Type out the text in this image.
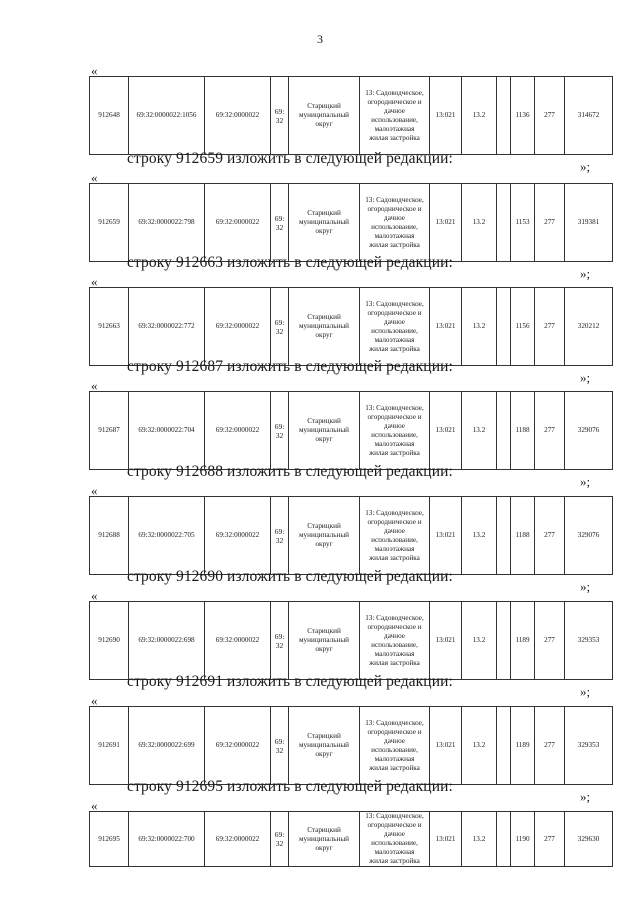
3
«
912648	69:32:0000022:1056	69:32:0000022	69:
32	Старицкий
муниципальный
округ	13: Садоводческое,
огородническое и
дачное
использование,
малоэтажная
жилая застройка	13:021	13.2		1136	277	314672
»;
строку 912659 изложить в следующей редакции:
«
912659	69:32:0000022:798	69:32:0000022	69:
32	Старицкий
муниципальный
округ	13: Садоводческое,
огородническое и
дачное
использование,
малоэтажная
жилая застройка	13:021	13.2		1153	277	319381
»;
строку 912663 изложить в следующей редакции:
«
912663	69:32:0000022:772	69:32:0000022	69:
32	Старицкий
муниципальный
округ	13: Садоводческое,
огородническое и
дачное
использование,
малоэтажная
жилая застройка	13:021	13.2		1156	277	320212
»;
строку 912687 изложить в следующей редакции:
«
912687	69:32:0000022:704	69:32:0000022	69:
32	Старицкий
муниципальный
округ	13: Садоводческое,
огородническое и
дачное
использование,
малоэтажная
жилая застройка	13:021	13.2		1188	277	329076
»;
строку 912688 изложить в следующей редакции:
«
912688	69:32:0000022:705	69:32:0000022	69:
32	Старицкий
муниципальный
округ	13: Садоводческое,
огородническое и
дачное
использование,
малоэтажная
жилая застройка	13:021	13.2		1188	277	329076
»;
строку 912690 изложить в следующей редакции:
«
912690	69:32:0000022:698	69:32:0000022	69:
32	Старицкий
муниципальный
округ	13: Садоводческое,
огородническое и
дачное
использование,
малоэтажная
жилая застройка	13:021	13.2		1189	277	329353
»;
строку 912691 изложить в следующей редакции:
«
912691	69:32:0000022:699	69:32:0000022	69:
32	Старицкий
муниципальный
округ	13: Садоводческое,
огородническое и
дачное
использование,
малоэтажная
жилая застройка	13:021	13.2		1189	277	329353
»;
строку 912695 изложить в следующей редакции:
«
912695	69:32:0000022:700	69:32:0000022	69:
32	Старицкий
муниципальный
округ	13: Садоводческое,
огородническое и
дачное
использование,
малоэтажная
жилая застройка	13:021	13.2		1190	277	329630
